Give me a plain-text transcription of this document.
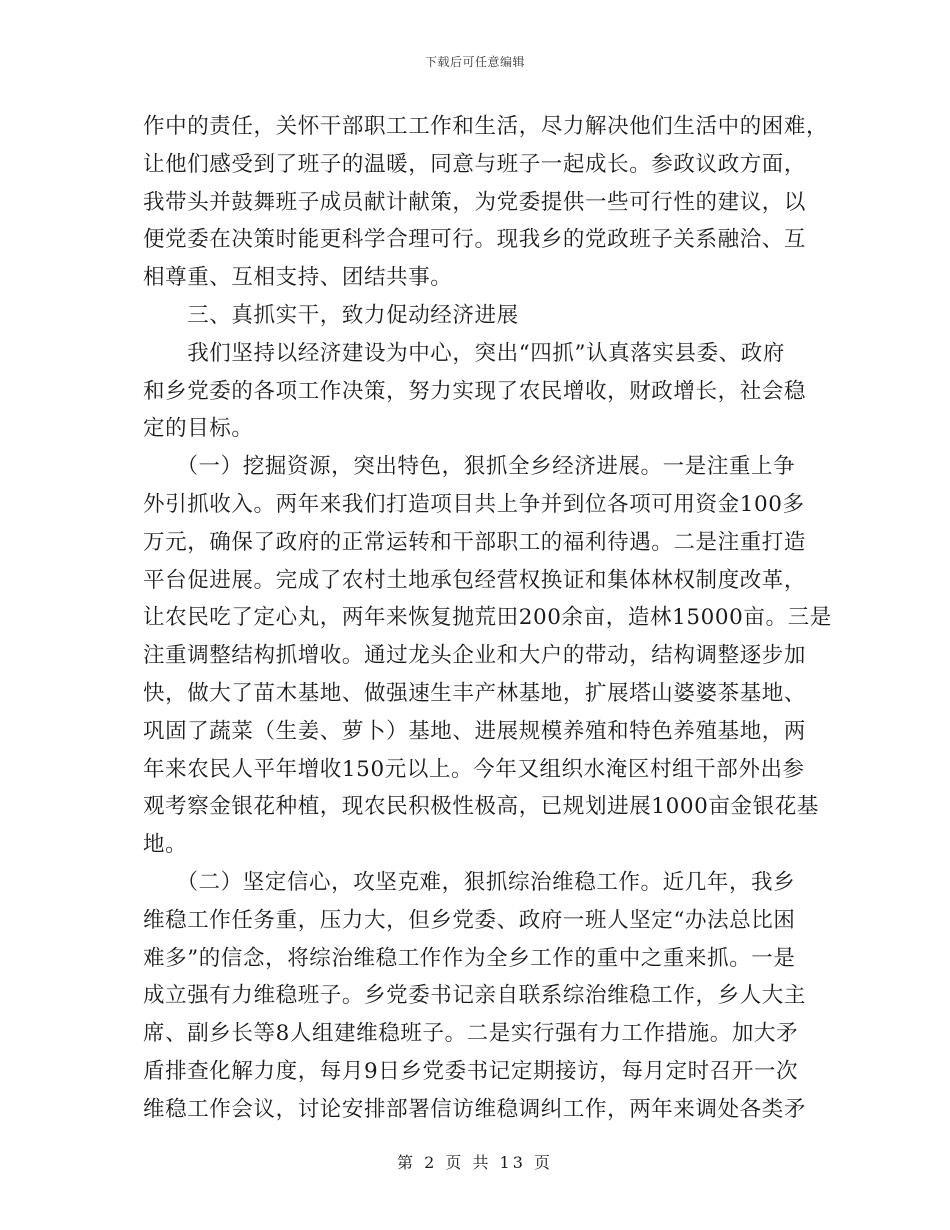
下载后可任意编辑
作中的责任，关怀干部职工工作和生活，尽力解决他们生活中的困难，
让他们感受到了班子的温暖，同意与班子一起成长。参政议政方面，
我带头并鼓舞班子成员献计献策，为党委提供一些可行性的建议，以
便党委在决策时能更科学合理可行。现我乡的党政班子关系融洽、互
相尊重、互相支持、团结共事。
　　三、真抓实干，致力促动经济进展
　　我们坚持以经济建设为中心，突出“四抓”认真落实县委、政府
和乡党委的各项工作决策，努力实现了农民增收，财政增长，社会稳
定的目标。
　　（一）挖掘资源，突出特色，狠抓全乡经济进展。一是注重上争
外引抓收入。两年来我们打造项目共上争并到位各项可用资金100多
万元，确保了政府的正常运转和干部职工的福利待遇。二是注重打造
平台促进展。完成了农村土地承包经营权换证和集体林权制度改革，
让农民吃了定心丸，两年来恢复抛荒田200余亩，造林15000亩。三是
注重调整结构抓增收。通过龙头企业和大户的带动，结构调整逐步加
快，做大了苗木基地、做强速生丰产林基地，扩展塔山婆婆茶基地、
巩固了蔬菜（生姜、萝卜）基地、进展规模养殖和特色养殖基地，两
年来农民人平年增收150元以上。今年又组织水淹区村组干部外出参
观考察金银花种植，现农民积极性极高，已规划进展1000亩金银花基
地。
　　（二）坚定信心，攻坚克难，狠抓综治维稳工作。近几年，我乡
维稳工作任务重，压力大，但乡党委、政府一班人坚定“办法总比困
难多”的信念，将综治维稳工作作为全乡工作的重中之重来抓。一是
成立强有力维稳班子。乡党委书记亲自联系综治维稳工作，乡人大主
席、副乡长等8人组建维稳班子。二是实行强有力工作措施。加大矛
盾排查化解力度，每月9日乡党委书记定期接访，每月定时召开一次
维稳工作会议，讨论安排部署信访维稳调纠工作，两年来调处各类矛
第 2 页 共 13 页
